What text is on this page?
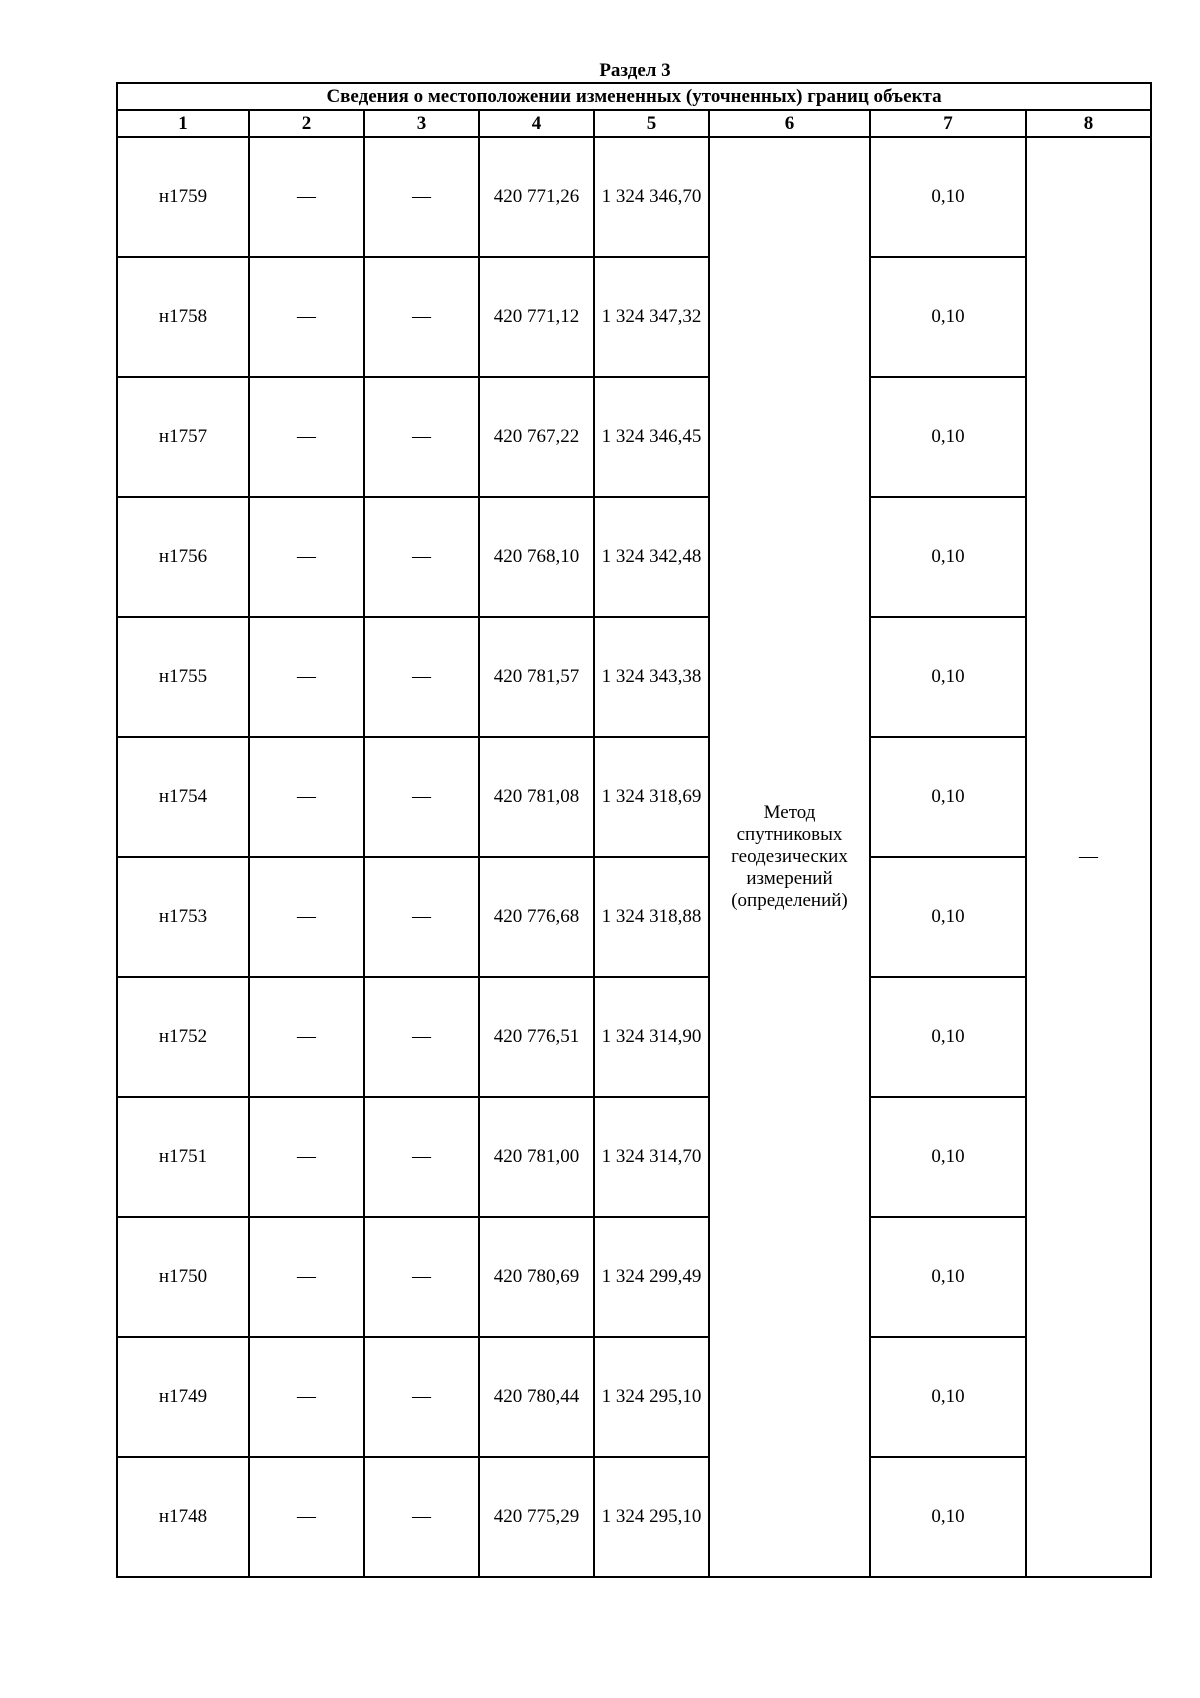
Раздел 3
Сведения о местоположении измененных (уточненных) границ объекта							
1	2	3	4	5	6	7	8
н1759	—	—	420 771,26	1 324 346,70	Метод
спутниковых
геодезических
измерений
(определений)	0,10	—
н1758	—	—	420 771,12	1 324 347,32		0,10	
н1757	—	—	420 767,22	1 324 346,45		0,10	
н1756	—	—	420 768,10	1 324 342,48		0,10	
н1755	—	—	420 781,57	1 324 343,38		0,10	
н1754	—	—	420 781,08	1 324 318,69		0,10	
н1753	—	—	420 776,68	1 324 318,88		0,10	
н1752	—	—	420 776,51	1 324 314,90		0,10	
н1751	—	—	420 781,00	1 324 314,70		0,10	
н1750	—	—	420 780,69	1 324 299,49		0,10	
н1749	—	—	420 780,44	1 324 295,10		0,10	
н1748	—	—	420 775,29	1 324 295,10		0,10	
